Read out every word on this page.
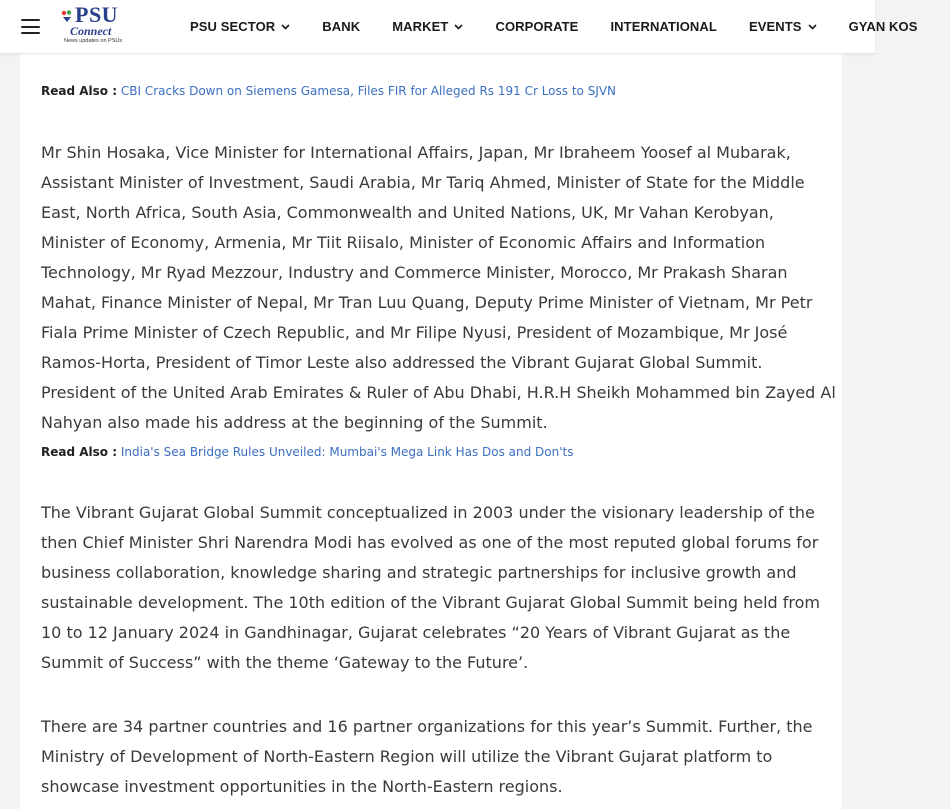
PSU
Connect
News updates on PSUs
PSU SECTOR	BANK MARKET	CORPORATE INTERNATIONAL EVENTS	GYAN KOS
Read Also : CBI Cracks Down on Siemens Gamesa, Files FIR for Alleged Rs 191 Cr Loss to SJVN

Mr Shin Hosaka, Vice Minister for International Affairs, Japan, Mr Ibraheem Yoosef al Mubarak, Assistant Minister of Investment, Saudi Arabia, Mr Tariq Ahmed, Minister of State for the Middle East, North Africa, South Asia, Commonwealth and United Nations, UK, Mr Vahan Kerobyan, Minister of Economy, Armenia, Mr Tiit Riisalo, Minister of Economic Affairs and Information Technology, Mr Ryad Mezzour, Industry and Commerce Minister, Morocco, Mr Prakash Sharan Mahat, Finance Minister of Nepal, Mr Tran Luu Quang, Deputy Prime Minister of Vietnam, Mr Petr Fiala Prime Minister of Czech Republic, and Mr Filipe Nyusi, President of Mozambique, Mr José Ramos-Horta, President of Timor Leste also addressed the Vibrant Gujarat Global Summit. President of the United Arab Emirates & Ruler of Abu Dhabi, H.R.H Sheikh Mohammed bin Zayed Al Nahyan also made his address at the beginning of the Summit.

Read Also : India's Sea Bridge Rules Unveiled: Mumbai's Mega Link Has Dos and Don'ts

The Vibrant Gujarat Global Summit conceptualized in 2003 under the visionary leadership of the then Chief Minister Shri Narendra Modi has evolved as one of the most reputed global forums for business collaboration, knowledge sharing and strategic partnerships for inclusive growth and sustainable development. The 10th edition of the Vibrant Gujarat Global Summit being held from 10 to 12 January 2024 in Gandhinagar, Gujarat celebrates “20 Years of Vibrant Gujarat as the Summit of Success” with the theme ‘Gateway to the Future’.

There are 34 partner countries and 16 partner organizations for this year’s Summit. Further, the Ministry of Development of North-Eastern Region will utilize the Vibrant Gujarat platform to showcase investment opportunities in the North-Eastern regions.
